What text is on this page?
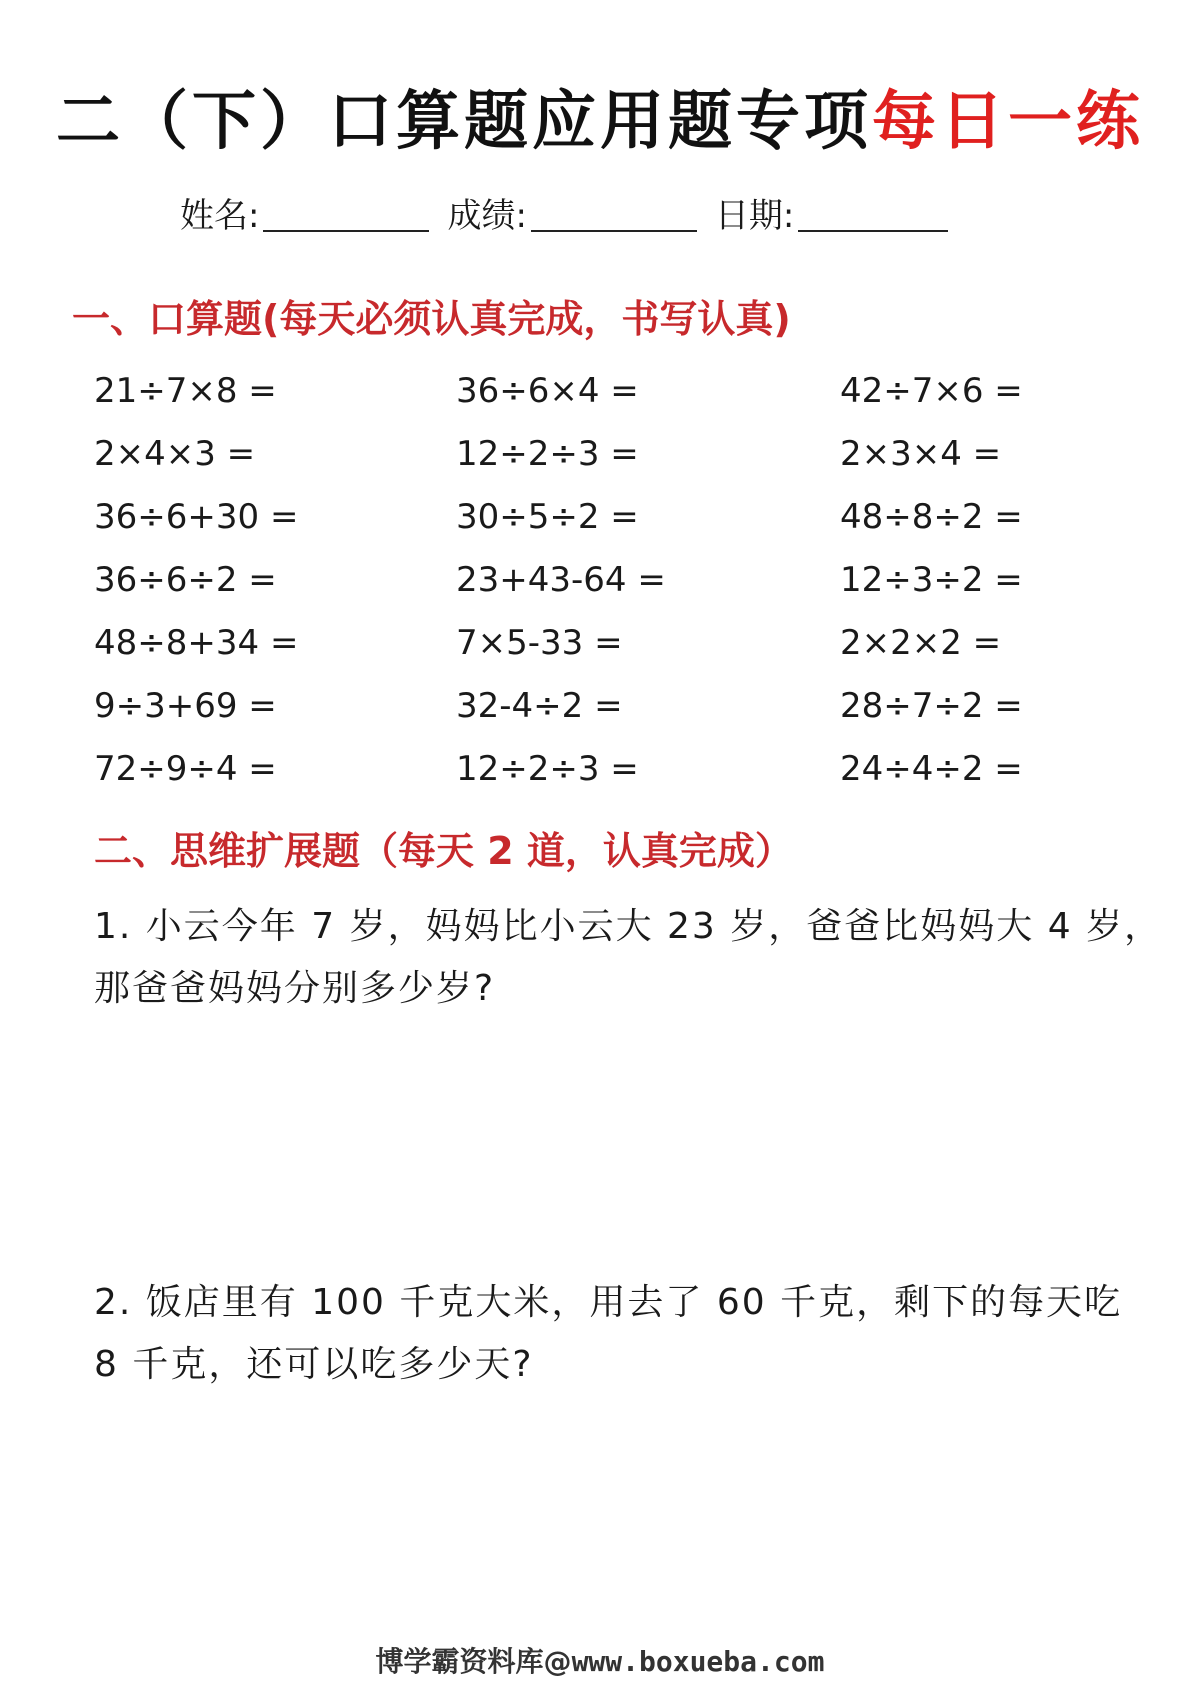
二（下）口算题应用题专项每日一练
姓名:	成绩:	日期:
一、口算题(每天必须认真完成，书写认真)
21÷7×8 =	36÷6×4 =	42÷7×6 =
2×4×3 =	12÷2÷3 =	2×3×4 =
36÷6+30 =	30÷5÷2 =	48÷8÷2 =
36÷6÷2 =	23+43-64 =	12÷3÷2 =
48÷8+34 =	7×5-33 =	2×2×2 =
9÷3+69 =	32-4÷2 =	28÷7÷2 =
72÷9÷4 =	12÷2÷3 =	24÷4÷2 =
二、思维扩展题（每天 2 道，认真完成）
1. 小云今年 7 岁，妈妈比小云大 23 岁，爸爸比妈妈大 4 岁，
那爸爸妈妈分别多少岁?
2. 饭店里有 100 千克大米，用去了 60 千克，剩下的每天吃
8 千克，还可以吃多少天?
博学霸资料库@www.boxueba.com
